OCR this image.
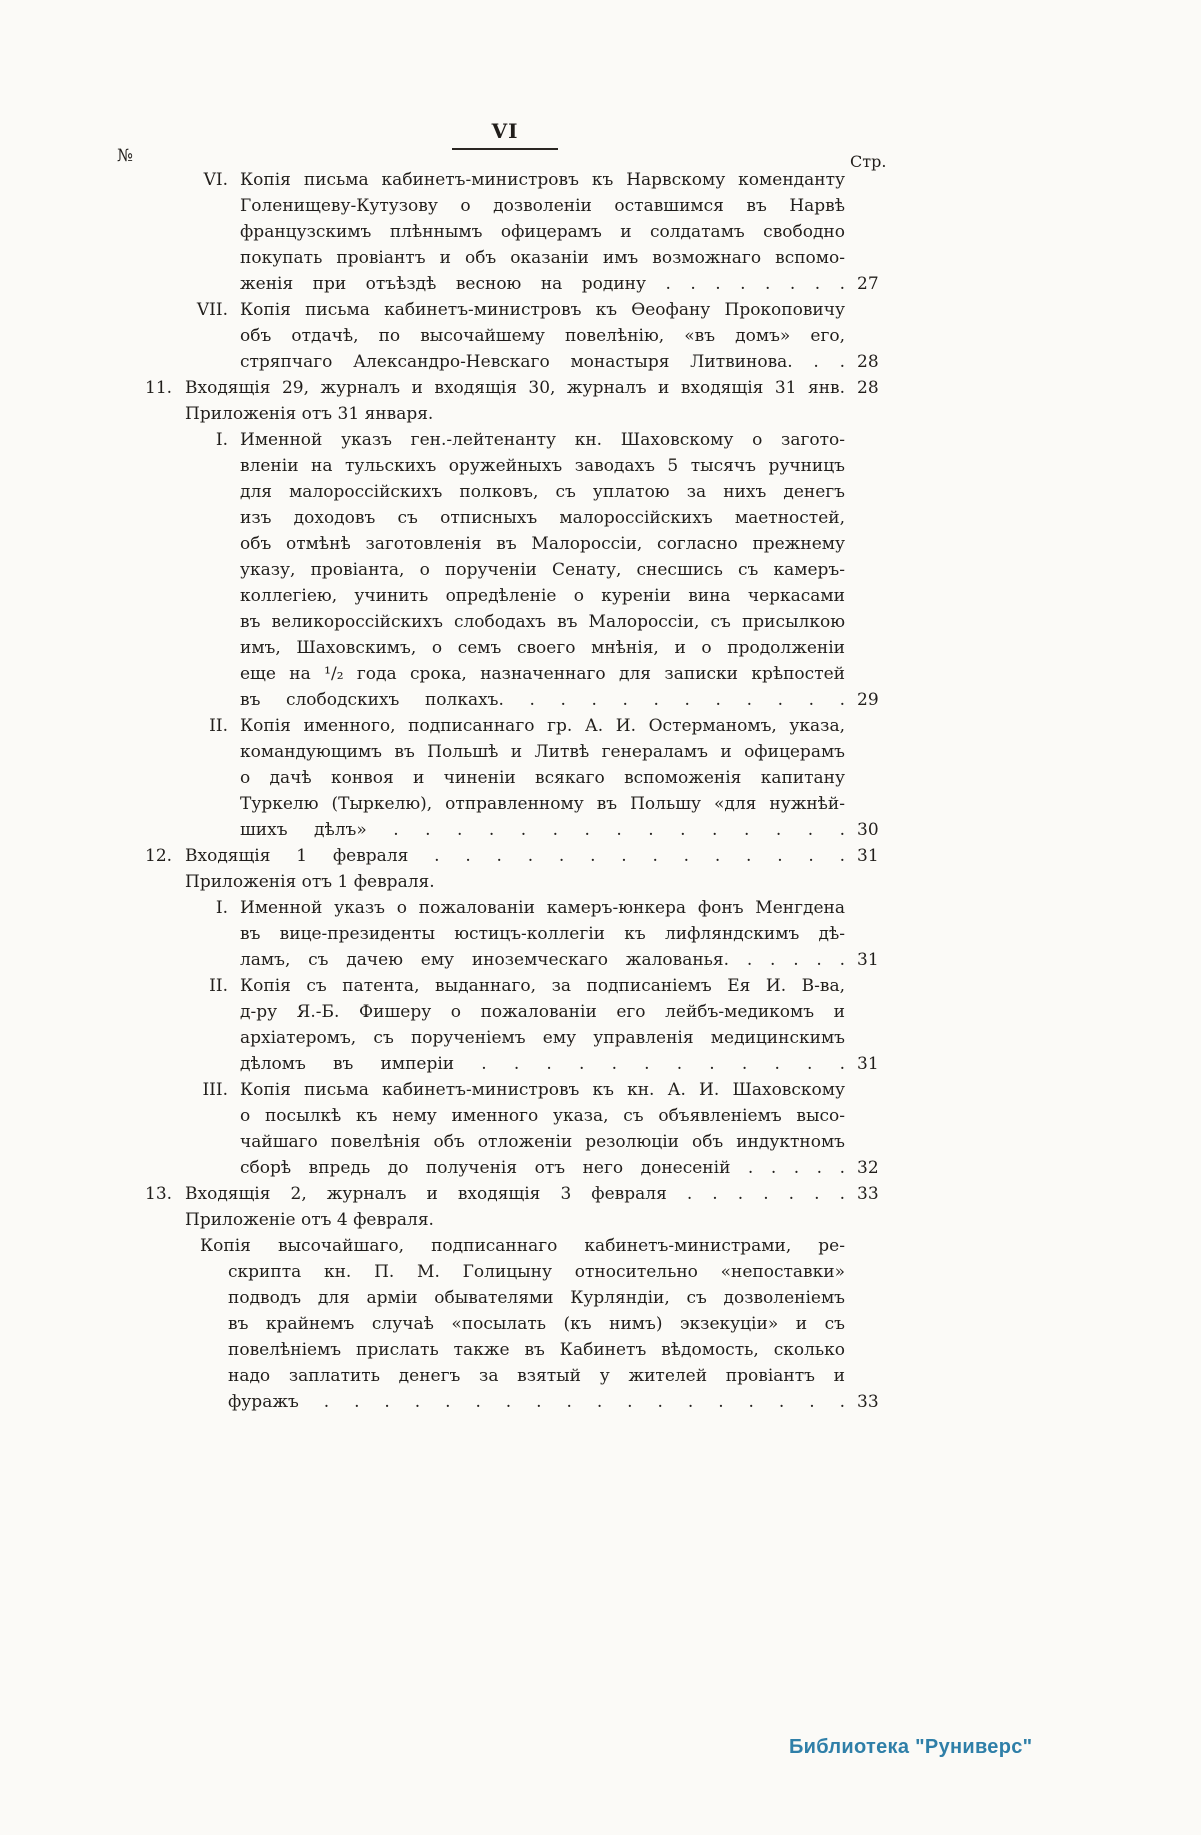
VI
№	Стр.
VI. Копія письма кабинетъ-министровъ къ Нарвскому коменданту
Голенищеву-Кутузову о дозволеніи оставшимся въ Нарвѣ
французскимъ плѣннымъ офицерамъ и солдатамъ свободно
покупать провіантъ и объ оказаніи имъ возможнаго вспомо-
женія при отъѣздѣ весною на родину . . . . . . . . 27
VII. Копія письма кабинетъ-министровъ къ Ѳеофану Прокоповичу
объ отдачѣ, по высочайшему повелѣнію, «въ домъ» его,
стряпчаго Александро-Невскаго монастыря Литвинова. . . 28
11. Входящія 29, журналъ и входящія 30, журналъ и входящія 31 янв. 28
Приложенія отъ 31 января.
I. Именной указъ ген.-лейтенанту кн. Шаховскому о загото-
вленіи на тульскихъ оружейныхъ заводахъ 5 тысячъ ручницъ
для малороссійскихъ полковъ, съ уплатою за нихъ денегъ
изъ доходовъ съ отписныхъ малороссійскихъ маетностей,
объ отмѣнѣ заготовленія въ Малороссіи, согласно прежнему
указу, провіанта, о порученіи Сенату, снесшись съ камеръ-
коллегіею, учинить опредѣленіе о куреніи вина черкасами
въ великороссійскихъ слободахъ въ Малороссіи, съ присылкою
имъ, Шаховскимъ, о семъ своего мнѣнія, и о продолженіи
еще на ¹/₂ года срока, назначеннаго для записки крѣпостей
въ слободскихъ полкахъ. . . . . . . . . . . . 29
II. Копія именного, подписаннаго гр. А. И. Остерманомъ, указа,
командующимъ въ Польшѣ и Литвѣ генераламъ и офицерамъ
о дачѣ конвоя и чиненіи всякаго вспоможенія капитану
Туркелю (Тыркелю), отправленному въ Польшу «для нужнѣй-
шихъ дѣлъ» . . . . . . . . . . . . . . . 30
12. Входящія 1 февраля . . . . . . . . . . . . . . 31
Приложенія отъ 1 февраля.
I. Именной указъ о пожалованіи камеръ-юнкера фонъ Менгдена
въ вице-президенты юстицъ-коллегіи къ лифляндскимъ дѣ-
ламъ, съ дачею ему иноземческаго жалованья. . . . . . 31
II. Копія съ патента, выданнаго, за подписаніемъ Ея И. В-ва,
д-ру Я.-Б. Фишеру о пожалованіи его лейбъ-медикомъ и
архіатеромъ, съ порученіемъ ему управленія медицинскимъ
дѣломъ въ имперіи . . . . . . . . . . . . 31
III. Копія письма кабинетъ-министровъ къ кн. А. И. Шаховскому
о посылкѣ къ нему именного указа, съ объявленіемъ высо-
чайшаго повелѣнія объ отложеніи резолюціи объ индуктномъ
сборѣ впредь до полученія отъ него донесеній . . . . . 32
13. Входящія 2, журналъ и входящія 3 февраля . . . . . . . 33
Приложеніе отъ 4 февраля.
Копія высочайшаго, подписаннаго кабинетъ-министрами, ре-
скрипта кн. П. М. Голицыну относительно «непоставки»
подводъ для арміи обывателями Курляндіи, съ дозволеніемъ
въ крайнемъ случаѣ «посылать (къ нимъ) экзекуціи» и съ
повелѣніемъ прислать также въ Кабинетъ вѣдомость, сколько
надо заплатить денегъ за взятый у жителей провіантъ и
фуражъ . . . . . . . . . . . . . . . . . . 33
Библиотека "Руниверс"
